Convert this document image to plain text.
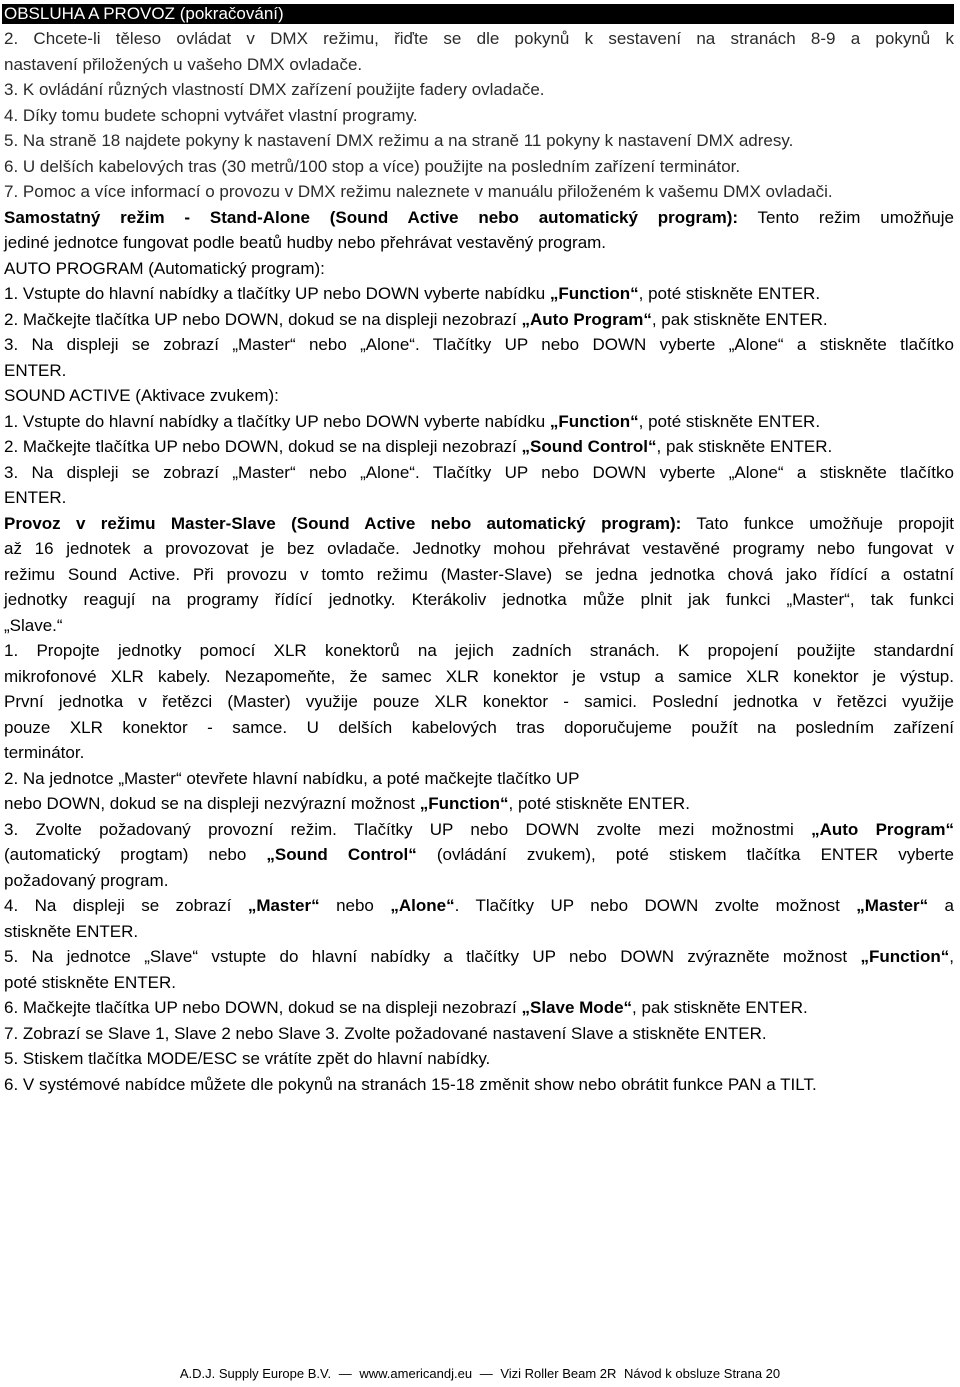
OBSLUHA A PROVOZ (pokračování)

2. Chcete-li těleso ovládat v DMX režimu, řiďte se dle pokynů k sestavení na stranách 8-9 a pokynů k

nastavení přiložených u vašeho DMX ovladače.

3. K ovládání různých vlastností DMX zařízení použijte fadery ovladače.

4. Díky tomu budete schopni vytvářet vlastní programy.

5. Na straně 18 najdete pokyny k nastavení DMX režimu a na straně 11 pokyny k nastavení DMX adresy.

6. U delších kabelových tras (30 metrů/100 stop a více) použijte na posledním zařízení terminátor.

7. Pomoc a více informací o provozu v DMX režimu naleznete v manuálu přiloženém k vašemu DMX ovladači.

Samostatný režim - Stand-Alone (Sound Active nebo automatický program): Tento režim umožňuje

jediné jednotce fungovat podle beatů hudby nebo přehrávat vestavěný program.

AUTO PROGRAM (Automatický program):

1. Vstupte do hlavní nabídky a tlačítky UP nebo DOWN vyberte nabídku „Function“, poté stiskněte ENTER.

2. Mačkejte tlačítka UP nebo DOWN, dokud se na displeji nezobrazí „Auto Program“, pak stiskněte ENTER.

3. Na displeji se zobrazí „Master“ nebo „Alone“. Tlačítky UP nebo DOWN vyberte „Alone“ a stiskněte tlačítko

ENTER.

SOUND ACTIVE (Aktivace zvukem):

1. Vstupte do hlavní nabídky a tlačítky UP nebo DOWN vyberte nabídku „Function“, poté stiskněte ENTER.

2. Mačkejte tlačítka UP nebo DOWN, dokud se na displeji nezobrazí „Sound Control“, pak stiskněte ENTER.

3. Na displeji se zobrazí „Master“ nebo „Alone“. Tlačítky UP nebo DOWN vyberte „Alone“ a stiskněte tlačítko

ENTER.

Provoz v režimu Master-Slave (Sound Active nebo automatický program): Tato funkce umožňuje propojit

až 16 jednotek a provozovat je bez ovladače. Jednotky mohou přehrávat vestavěné programy nebo fungovat v

režimu Sound Active. Při provozu v tomto režimu (Master-Slave) se jedna jednotka chová jako řídící a ostatní

jednotky reagují na programy řídící jednotky. Kterákoliv jednotka může plnit jak funkci „Master“, tak funkci

„Slave.“

1. Propojte jednotky pomocí XLR konektorů na jejich zadních stranách. K propojení použijte standardní

mikrofonové XLR kabely. Nezapomeňte, že samec XLR konektor je vstup a samice XLR konektor je výstup.

První jednotka v řetězci (Master) využije pouze XLR konektor - samici. Poslední jednotka v řetězci využije

pouze XLR konektor - samce. U delších kabelových tras doporučujeme použít na posledním zařízení

terminátor.

2. Na jednotce „Master“ otevřete hlavní nabídku, a poté mačkejte tlačítko UP

nebo DOWN, dokud se na displeji nezvýrazní možnost „Function“, poté stiskněte ENTER.

3. Zvolte požadovaný provozní režim. Tlačítky UP nebo DOWN zvolte mezi možnostmi „Auto Program“

(automatický progtam) nebo „Sound Control“ (ovládání zvukem), poté stiskem tlačítka ENTER vyberte

požadovaný program.

4. Na displeji se zobrazí „Master“ nebo „Alone“. Tlačítky UP nebo DOWN zvolte možnost „Master“ a

stiskněte ENTER.

5. Na jednotce „Slave“ vstupte do hlavní nabídky a tlačítky UP nebo DOWN zvýrazněte možnost „Function“,

poté stiskněte ENTER.

6. Mačkejte tlačítka UP nebo DOWN, dokud se na displeji nezobrazí „Slave Mode“, pak stiskněte ENTER.

7. Zobrazí se Slave 1, Slave 2 nebo Slave 3. Zvolte požadované nastavení Slave a stiskněte ENTER.

5. Stiskem tlačítka MODE/ESC se vrátíte zpět do hlavní nabídky.

6. V systémové nabídce můžete dle pokynů na stranách 15-18 změnit show nebo obrátit funkce PAN a TILT.

A.D.J. Supply Europe B.V. — www.americandj.eu — Vizi Roller Beam 2R Návod k obsluze Strana 20
